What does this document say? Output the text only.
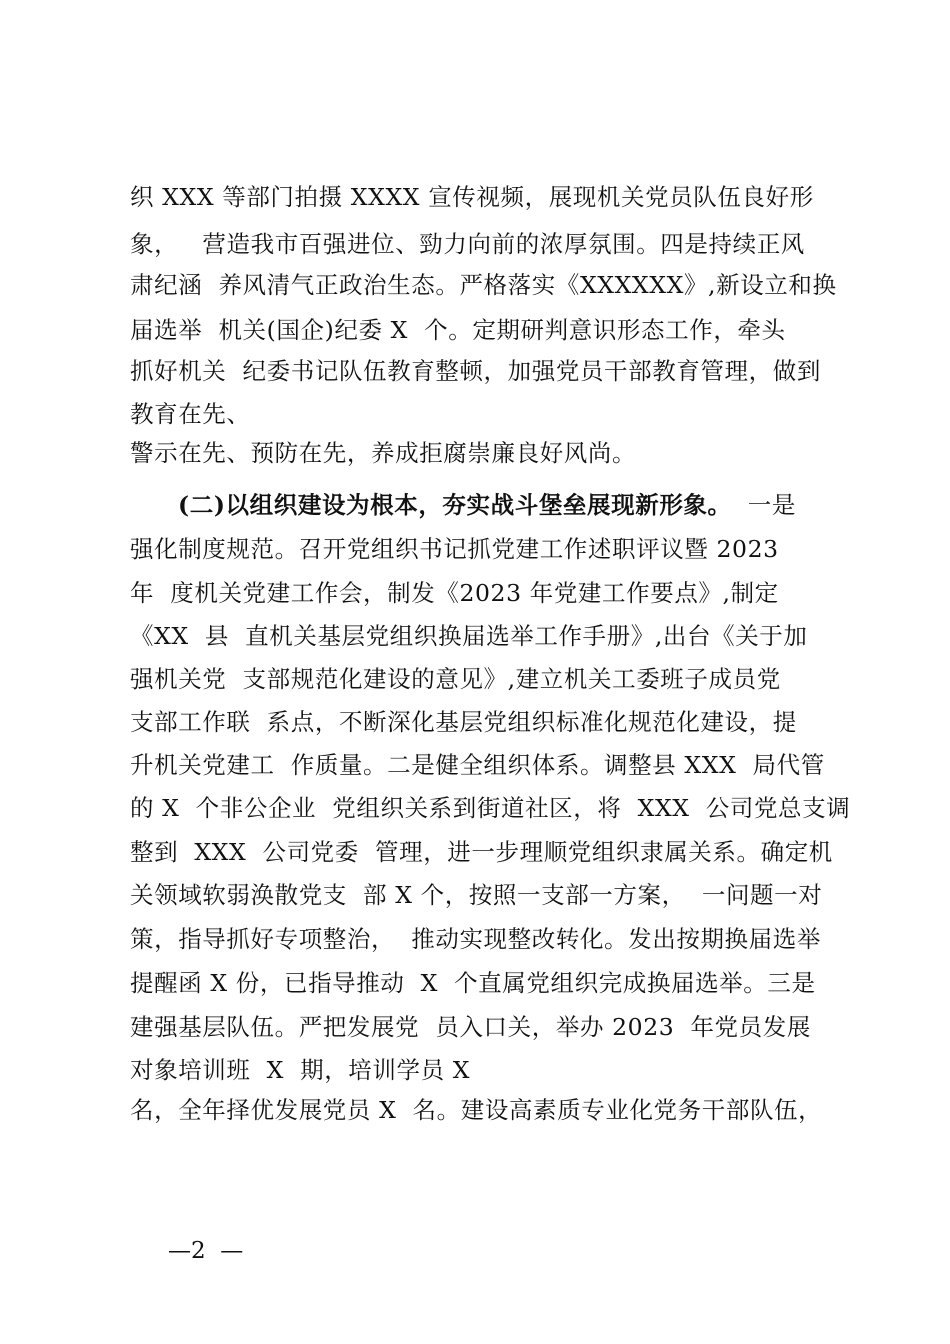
织 XXX 等部门拍摄 XXXX 宣传视频，展现机关党员队伍良好形
象，   营造我市百强进位、勁力向前的浓厚氛围。四是持续正风
肃纪涵  养风清气正政治生态。严格落实《XXXXXX》,新设立和换
届选举  机关(国企)纪委 X  个。定期研判意识形态工作，牵头
抓好机关  纪委书记队伍教育整顿，加强党员干部教育管理，做到
教育在先、
警示在先、预防在先，养成拒腐崇廉良好风尚。
(二)以组织建设为根本，夯实战斗堡垒展现新形象。  一是
强化制度规范。召开党组织书记抓党建工作述职评议暨 2023
年  度机关党建工作会，制发《2023 年党建工作要点》,制定
《XX  县  直机关基层党组织换届选举工作手册》,出台《关于加
强机关党  支部规范化建设的意见》,建立机关工委班子成员党
支部工作联  系点，不断深化基层党组织标准化规范化建设，提
升机关党建工  作质量。二是健全组织体系。调整县 XXX  局代管
的 X  个非公企业  党组织关系到街道社区，将  XXX  公司党总支调
整到  XXX  公司党委  管理，进一步理顺党组织隶属关系。确定机
关领域软弱涣散党支  部 X 个，按照一支部一方案，  一问题一对
策，指导抓好专项整治，  推动实现整改转化。发出按期换届选举
提醒函 X 份，已指导推动  X  个直属党组织完成换届选举。三是
建强基层队伍。严把发展党  员入口关，举办 2023  年党员发展
对象培训班  X  期，培训学员 X
名，全年择优发展党员 X  名。建设高素质专业化党务干部队伍，
—2  —
